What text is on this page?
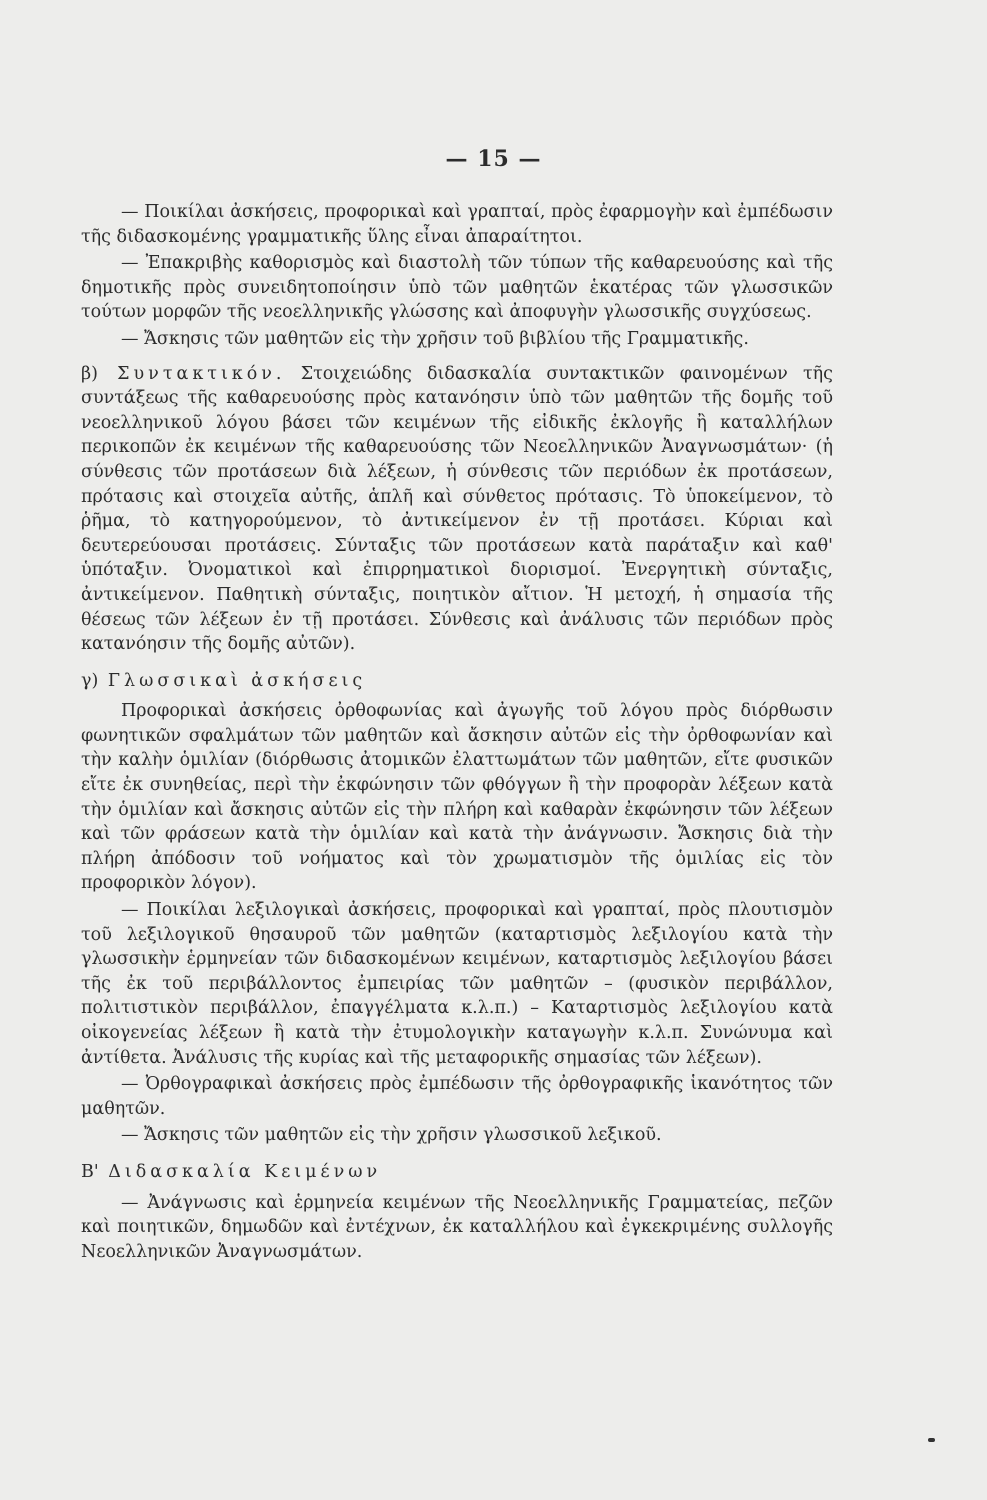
— 15 —

— Ποικίλαι ἀσκήσεις, προφορικαὶ καὶ γραπταί, πρὸς ἐφαρμογὴν καὶ ἐμπέδωσιν τῆς διδασκομένης γραμματικῆς ὕλης εἶναι ἀπαραίτητοι.

— Ἐπακριβὴς καθορισμὸς καὶ διαστολὴ τῶν τύπων τῆς καθαρευούσης καὶ τῆς δημοτικῆς πρὸς συνειδητοποίησιν ὑπὸ τῶν μαθητῶν ἑκατέρας τῶν γλωσσικῶν τούτων μορφῶν τῆς νεοελληνικῆς γλώσσης καὶ ἀποφυγὴν γλωσσικῆς συγχύσεως.

— Ἄσκησις τῶν μαθητῶν εἰς τὴν χρῆσιν τοῦ βιβλίου τῆς Γραμματικῆς.

β) Συντακτικόν. Στοιχειώδης διδασκαλία συντακτικῶν φαινομένων τῆς συντάξεως τῆς καθαρευούσης πρὸς κατανόησιν ὑπὸ τῶν μαθητῶν τῆς δομῆς τοῦ νεοελληνικοῦ λόγου βάσει τῶν κειμένων τῆς εἰδικῆς ἐκλογῆς ἢ καταλλήλων περικοπῶν ἐκ κειμένων τῆς καθαρευούσης τῶν Νεοελληνικῶν Ἀναγνωσμάτων· (ἡ σύνθεσις τῶν προτάσεων διὰ λέξεων, ἡ σύνθεσις τῶν περιόδων ἐκ προτάσεων, πρότασις καὶ στοιχεῖα αὐτῆς, ἁπλῆ καὶ σύνθετος πρότασις. Τὸ ὑποκείμενον, τὸ ῥῆμα, τὸ κατηγορούμενον, τὸ ἀντικείμενον ἐν τῇ προτάσει. Κύριαι καὶ δευτερεύουσαι προτάσεις. Σύνταξις τῶν προτάσεων κατὰ παράταξιν καὶ καθ' ὑπόταξιν. Ὀνοματικοὶ καὶ ἐπιρρηματικοὶ διορισμοί. Ἐνεργητικὴ σύνταξις, ἀντικείμενον. Παθητικὴ σύνταξις, ποιητικὸν αἴτιον. Ἡ μετοχή, ἡ σημασία τῆς θέσεως τῶν λέξεων ἐν τῇ προτάσει. Σύνθεσις καὶ ἀνάλυσις τῶν περιόδων πρὸς κατανόησιν τῆς δομῆς αὐτῶν).

γ) Γλωσσικαὶ ἀσκήσεις

Προφορικαὶ ἀσκήσεις ὀρθοφωνίας καὶ ἀγωγῆς τοῦ λόγου πρὸς διόρθωσιν φωνητικῶν σφαλμάτων τῶν μαθητῶν καὶ ἄσκησιν αὐτῶν εἰς τὴν ὀρθοφωνίαν καὶ τὴν καλὴν ὁμιλίαν (διόρθωσις ἀτομικῶν ἐλαττωμάτων τῶν μαθητῶν, εἴτε φυσικῶν εἴτε ἐκ συνηθείας, περὶ τὴν ἐκφώνησιν τῶν φθόγγων ἢ τὴν προφορὰν λέξεων κατὰ τὴν ὁμιλίαν καὶ ἄσκησις αὐτῶν εἰς τὴν πλήρη καὶ καθαρὰν ἐκφώνησιν τῶν λέξεων καὶ τῶν φράσεων κατὰ τὴν ὁμιλίαν καὶ κατὰ τὴν ἀνάγνωσιν. Ἄσκησις διὰ τὴν πλήρη ἀπόδοσιν τοῦ νοήματος καὶ τὸν χρωματισμὸν τῆς ὁμιλίας εἰς τὸν προφορικὸν λόγον).

— Ποικίλαι λεξιλογικαὶ ἀσκήσεις, προφορικαὶ καὶ γραπταί, πρὸς πλουτισμὸν τοῦ λεξιλογικοῦ θησαυροῦ τῶν μαθητῶν (καταρτισμὸς λεξιλογίου κατὰ τὴν γλωσσικὴν ἑρμηνείαν τῶν διδασκομένων κειμένων, καταρτισμὸς λεξιλογίου βάσει τῆς ἐκ τοῦ περιβάλλοντος ἐμπειρίας τῶν μαθητῶν – (φυσικὸν περιβάλλον, πολιτιστικὸν περιβάλλον, ἐπαγγέλματα κ.λ.π.) – Καταρτισμὸς λεξιλογίου κατὰ οἰκογενείας λέξεων ἢ κατὰ τὴν ἐτυμολογικὴν καταγωγὴν κ.λ.π. Συνώνυμα καὶ ἀντίθετα. Ἀνάλυσις τῆς κυρίας καὶ τῆς μεταφορικῆς σημασίας τῶν λέξεων).

— Ὀρθογραφικαὶ ἀσκήσεις πρὸς ἐμπέδωσιν τῆς ὀρθογραφικῆς ἱκανότητος τῶν μαθητῶν.

— Ἄσκησις τῶν μαθητῶν εἰς τὴν χρῆσιν γλωσσικοῦ λεξικοῦ.

Β' Διδασκαλία Κειμένων

— Ἀνάγνωσις καὶ ἑρμηνεία κειμένων τῆς Νεοελληνικῆς Γραμματείας, πεζῶν καὶ ποιητικῶν, δημωδῶν καὶ ἐντέχνων, ἐκ καταλλήλου καὶ ἐγκεκριμένης συλλογῆς Νεοελληνικῶν Ἀναγνωσμάτων.
